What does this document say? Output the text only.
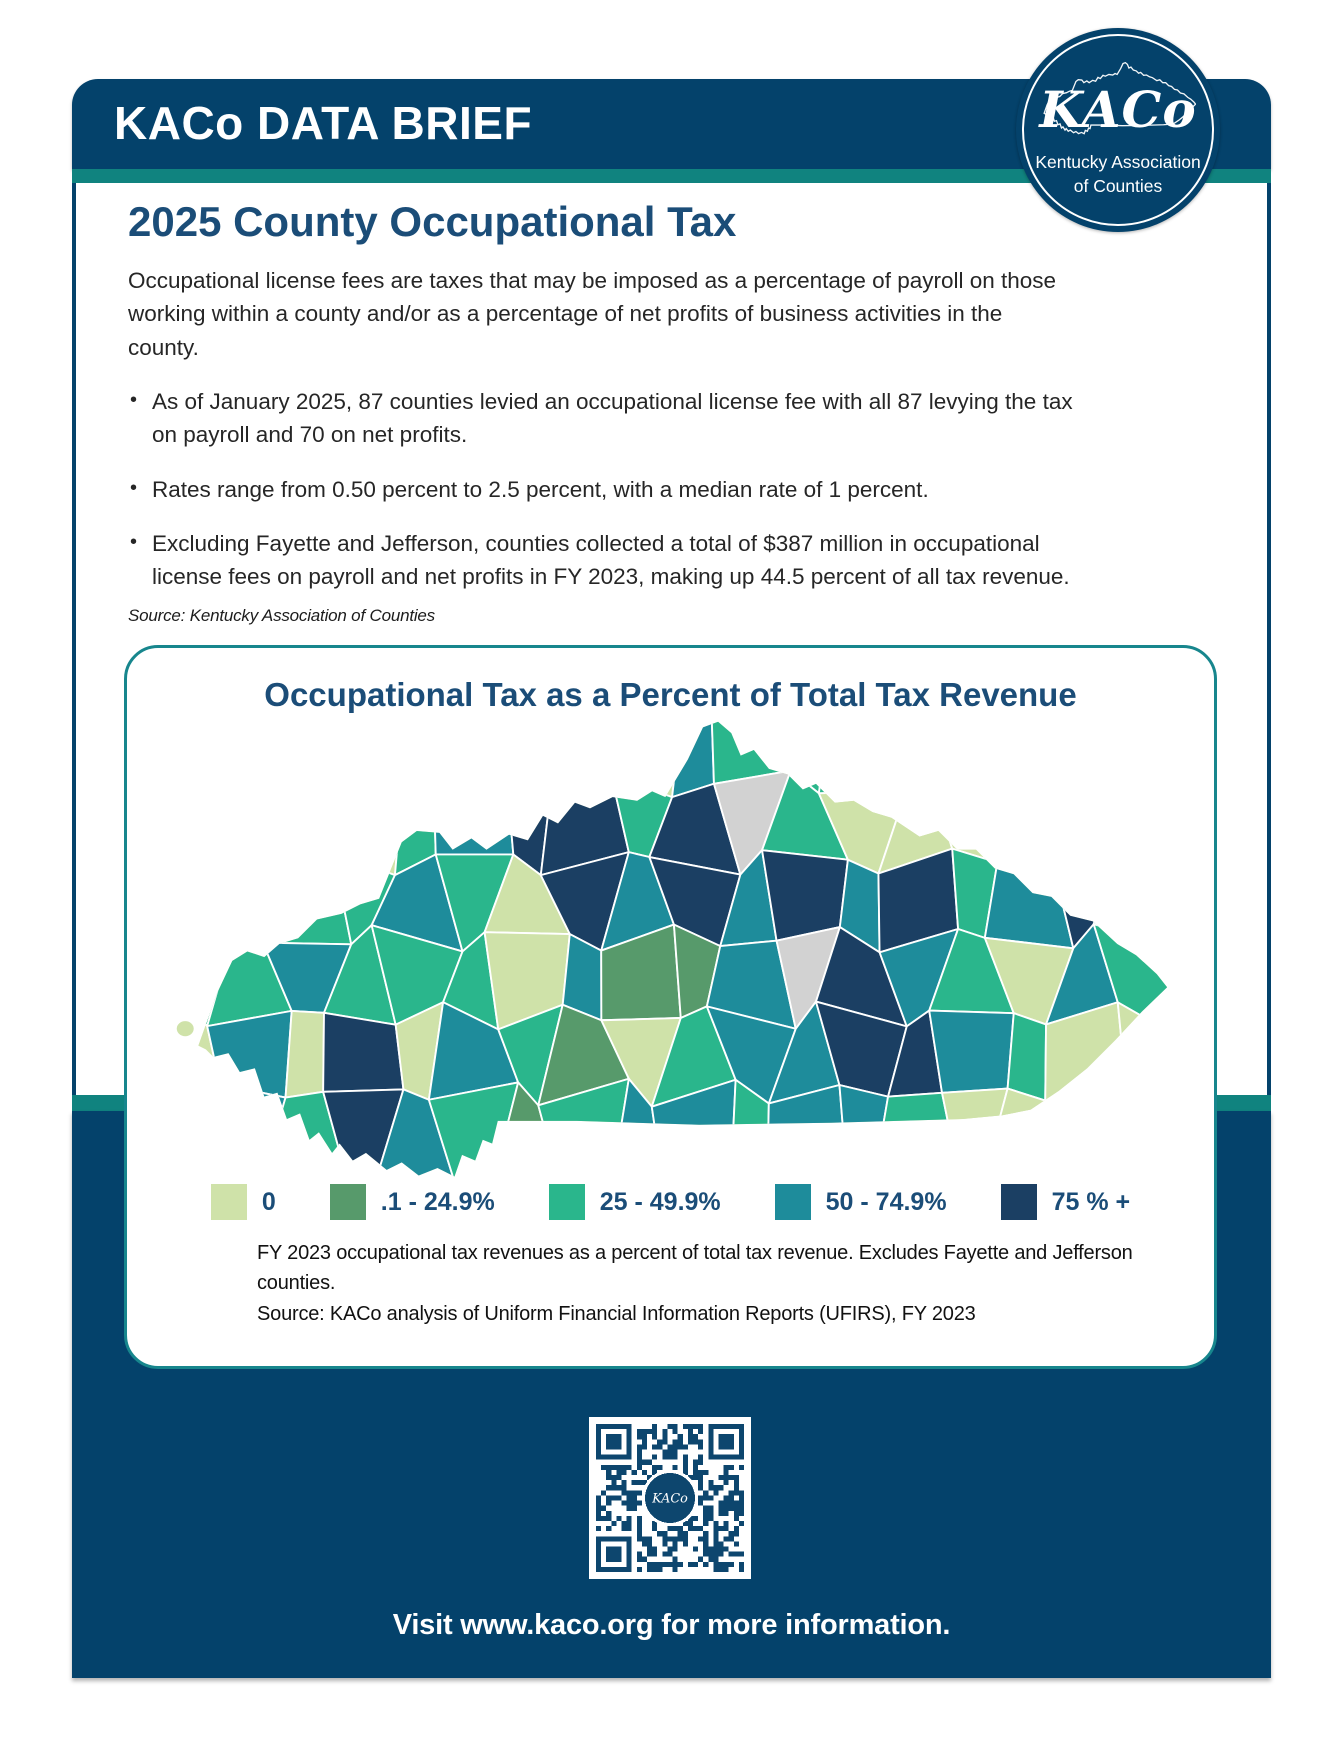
KACo DATA BRIEF	KACo
Kentucky Association
of Counties
2025 County Occupational Tax
Occupational license fees are taxes that may be imposed as a percentage of payroll on those working within a county and/or as a percentage of net profits of business activities in the county.
• As of January 2025, 87 counties levied an occupational license fee with all 87 levying the tax on payroll and 70 on net profits.
• Rates range from 0.50 percent to 2.5 percent, with a median rate of 1 percent.
• Excluding Fayette and Jefferson, counties collected a total of $387 million in occupational license fees on payroll and net profits in FY 2023, making up 44.5 percent of all tax revenue.
Source: Kentucky Association of Counties
Occupational Tax as a Percent of Total Tax Revenue
0	.1 - 24.9%	25 - 49.9%	50 - 74.9%	75 % +
FY 2023 occupational tax revenues as a percent of total tax revenue. Excludes Fayette and Jefferson counties.
Source: KACo analysis of Uniform Financial Information Reports (UFIRS), FY 2023
KACo
Visit www.kaco.org for more information.
